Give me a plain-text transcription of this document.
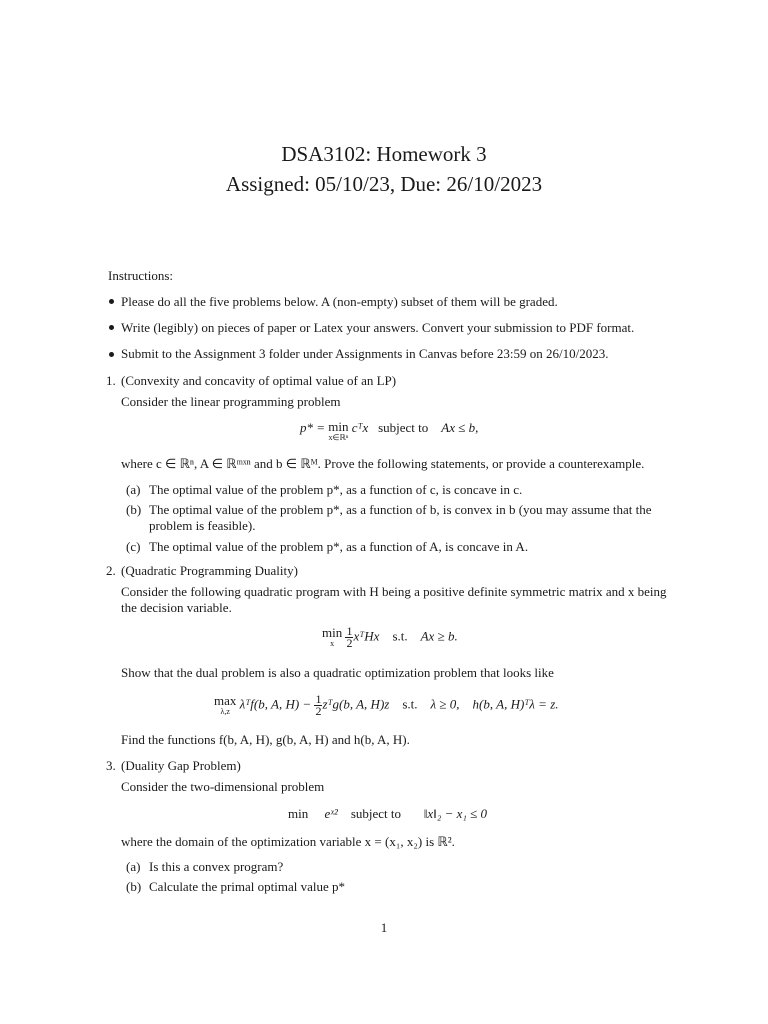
DSA3102: Homework 3
Assigned: 05/10/23, Due: 26/10/2023
Instructions:
Please do all the five problems below. A (non-empty) subset of them will be graded.
Write (legibly) on pieces of paper or Latex your answers. Convert your submission to PDF format.
Submit to the Assignment 3 folder under Assignments in Canvas before 23:59 on 26/10/2023.
1. (Convexity and concavity of optimal value of an LP)
Consider the linear programming problem
p* = min
x∈ℝⁿ
cᵀx subject to Ax ≤ b,
where c ∈ ℝⁿ, A ∈ ℝᵐˣⁿ and b ∈ ℝᴹ. Prove the following statements, or provide a counterexample.
(a) The optimal value of the problem p*, as a function of c, is concave in c.
(b) The optimal value of the problem p*, as a function of b, is convex in b (you may assume that the problem is feasible).
(c) The optimal value of the problem p*, as a function of A, is concave in A.
2. (Quadratic Programming Duality)
Consider the following quadratic program with H being a positive definite symmetric matrix and x being the decision variable.
min
x
$\frac{1}{2}$ xᵀHx s.t. Ax ≥ b.
Show that the dual problem is also a quadratic optimization problem that looks like
max
λ,z
λᵀf(b, A, $H) - \frac{1}{2}$ zᵀg(b, A, H)z s.t. λ ≥ 0, h(b, A, H)ᵀλ = z.
Find the functions f(b, A, H), g(b, A, H) and h(b, A, H).
3. (Duality Gap Problem)
Consider the two-dimensional problem
min eˣ² subject to ‖x‖₂ − x₁ ≤ 0
where the domain of the optimization variable x = (x₁, x₂) is ℝ².
(a) Is this a convex program?
(b) Calculate the primal optimal value p*
1
